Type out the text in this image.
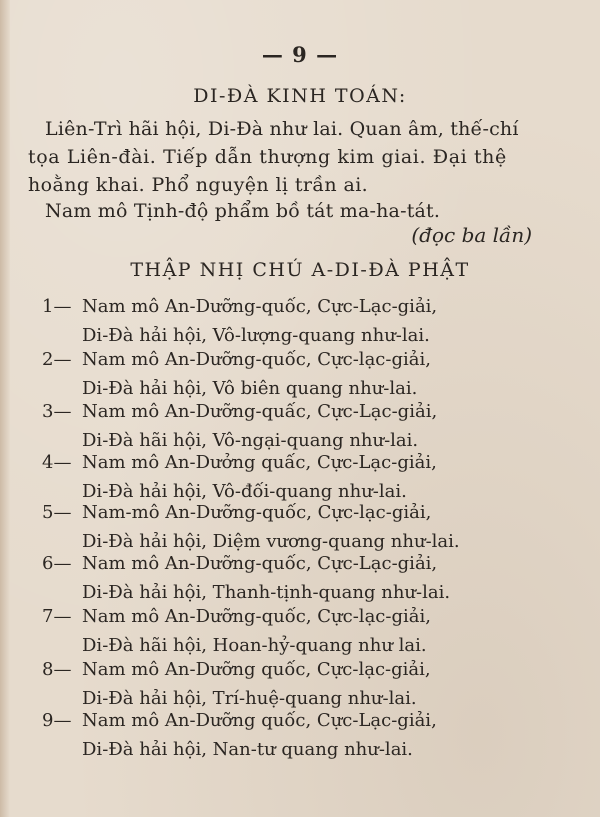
— 9 —
DI-ĐÀ KINH TOÁN:
Liên-Trì hãi hội, Di-Đà như lai. Quan âm, thế-chí
tọa Liên-đài. Tiếp dẫn thượng kim giai. Đại thệ
hoằng khai. Phổ nguyện lị trần ai.
Nam mô Tịnh-độ phẩm bồ tát ma-ha-tát.
(đọc ba lần)
THẬP NHỊ CHÚ A-DI-ĐÀ PHẬT
1— Nam mô An-Dưỡng-quốc, Cực-Lạc-giải,
Di-Đà hải hội, Vô-lượng-quang như-lai.
2— Nam mô An-Dưỡng-quốc, Cực-lạc-giải,
Di-Đà hải hội, Vô biên quang như-lai.
3— Nam mô An-Dưỡng-quấc, Cực-Lạc-giải,
Di-Đà hãi hội, Vô-ngại-quang như-lai.
4— Nam mô An-Dưởng quấc, Cực-Lạc-giải,
Di-Đà hải hội, Vô-đối-quang như-lai.
5— Nam-mô An-Dưỡng-quốc, Cực-lạc-giải,
Di-Đà hải hội, Diệm vương-quang như-lai.
6— Nam mô An-Dưỡng-quốc, Cực-Lạc-giải,
Di-Đà hải hội, Thanh-tịnh-quang như-lai.
7— Nam mô An-Dưỡng-quốc, Cực-lạc-giải,
Di-Đà hãi hội, Hoan-hỷ-quang như lai.
8— Nam mô An-Dưỡng quốc, Cực-lạc-giải,
Di-Đà hải hội, Trí-huệ-quang như-lai.
9— Nam mô An-Dưỡng quốc, Cực-Lạc-giải,
Di-Đà hải hội, Nan-tư quang như-lai.
